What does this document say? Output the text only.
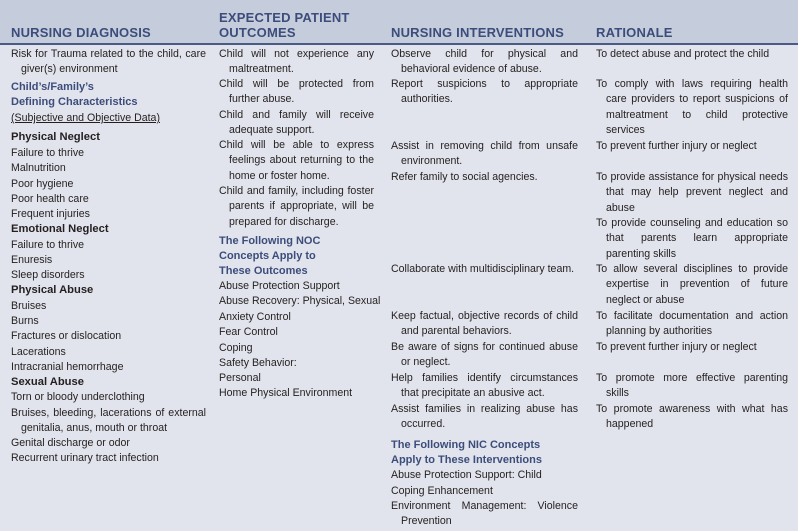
NURSING DIAGNOSIS
EXPECTED PATIENT OUTCOMES	NURSING INTERVENTIONS RATIONALE
Risk for Trauma related to the child, care giver(s) environment
Child’s/Family’s
Defining Characteristics
(Subjective and Objective Data)
Physical Neglect
Failure to thrive
Malnutrition
Poor hygiene
Poor health care
Frequent injuries
Emotional Neglect
Failure to thrive
Enuresis
Sleep disorders
Physical Abuse
Bruises
Burns
Fractures or dislocation
Lacerations
Intracranial hemorrhage
Sexual Abuse
Torn or bloody underclothing
Bruises, bleeding, lacerations of external genitalia, anus, mouth or throat
Genital discharge or odor
Recurrent urinary tract infection
Child will not experience any maltreatment.
Child will be protected from further abuse.
Child and family will receive adequate support.
Child will be able to express feelings about returning to the home or foster home.
Child and family, including foster parents if appropriate, will be prepared for discharge.
The Following NOC
Concepts Apply to
These Outcomes
Abuse Protection Support
Abuse Recovery: Physical, Sexual
Anxiety Control
Fear Control
Coping
Safety Behavior:
Personal
Home Physical Environment
Observe child for physical and behavioral evidence of abuse.
Report suspicions to appropriate authorities.
Assist in removing child from unsafe environment.
Refer family to social agencies.
Collaborate with multidisciplinary team.
Keep factual, objective records of child and parental behaviors.
Be aware of signs for continued abuse or neglect.
Help families identify circumstances that precipitate an abusive act.
Assist families in realizing abuse has occurred.
The Following NIC Concepts
Apply to These Interventions
Abuse Protection Support: Child
Coping Enhancement
Environment Management: Violence Prevention
To detect abuse and protect the child
To comply with laws requiring health care providers to report suspicions of maltreatment to child protective services
To prevent further injury or neglect
To provide assistance for physical needs that may help prevent neglect and abuse
To provide counseling and education so that parents learn appropriate parenting skills
To allow several disciplines to provide expertise in prevention of future neglect or abuse
To facilitate documentation and action planning by authorities
To prevent further injury or neglect
To promote more effective parenting skills
To promote awareness with what has happened
